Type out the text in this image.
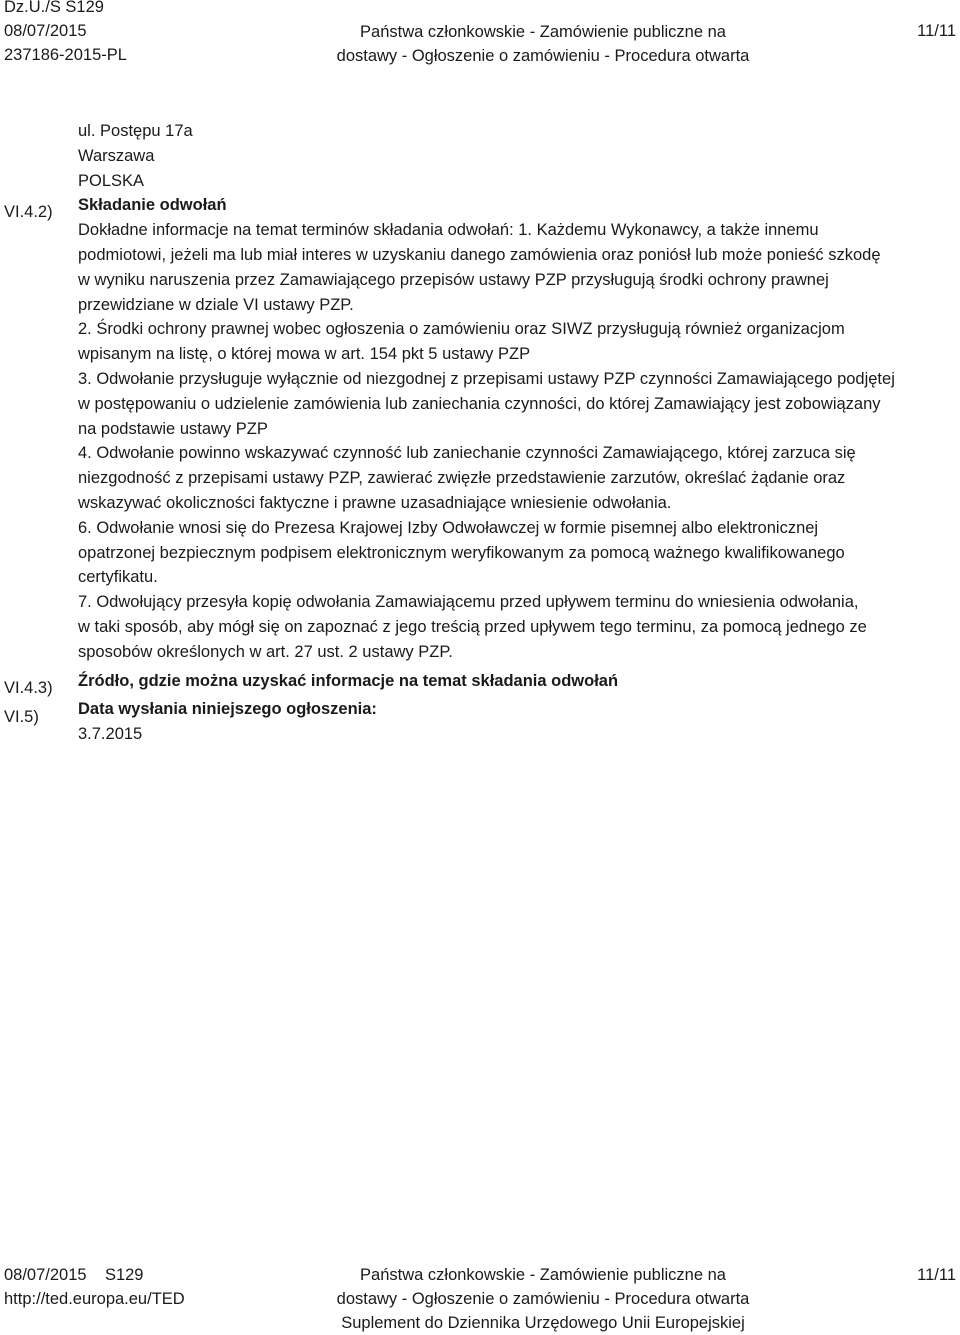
Dz.U./S S129
08/07/2015
237186-2015-PL
Państwa członkowskie - Zamówienie publiczne na
dostawy - Ogłoszenie o zamówieniu - Procedura otwarta
11/11
VI.4.2)
VI.4.3)
VI.5)
ul. Postępu 17a
Warszawa
POLSKA
Składanie odwołań
Dokładne informacje na temat terminów składania odwołań: 1. Każdemu Wykonawcy, a także innemu
podmiotowi, jeżeli ma lub miał interes w uzyskaniu danego zamówienia oraz poniósł lub może ponieść szkodę
w wyniku naruszenia przez Zamawiającego przepisów ustawy PZP przysługują środki ochrony prawnej
przewidziane w dziale VI ustawy PZP.
2. Środki ochrony prawnej wobec ogłoszenia o zamówieniu oraz SIWZ przysługują również organizacjom
wpisanym na listę, o której mowa w art. 154 pkt 5 ustawy PZP
3. Odwołanie przysługuje wyłącznie od niezgodnej z przepisami ustawy PZP czynności Zamawiającego podjętej
w postępowaniu o udzielenie zamówienia lub zaniechania czynności, do której Zamawiający jest zobowiązany
na podstawie ustawy PZP
4. Odwołanie powinno wskazywać czynność lub zaniechanie czynności Zamawiającego, której zarzuca się
niezgodność z przepisami ustawy PZP, zawierać zwięzłe przedstawienie zarzutów, określać żądanie oraz
wskazywać okoliczności faktyczne i prawne uzasadniające wniesienie odwołania.
6. Odwołanie wnosi się do Prezesa Krajowej Izby Odwoławczej w formie pisemnej albo elektronicznej
opatrzonej bezpiecznym podpisem elektronicznym weryfikowanym za pomocą ważnego kwalifikowanego
certyfikatu.
7. Odwołujący przesyła kopię odwołania Zamawiającemu przed upływem terminu do wniesienia odwołania,
w taki sposób, aby mógł się on zapoznać z jego treścią przed upływem tego terminu, za pomocą jednego ze
sposobów określonych w art. 27 ust. 2 ustawy PZP.
Źródło, gdzie można uzyskać informacje na temat składania odwołań
Data wysłania niniejszego ogłoszenia:
3.7.2015
08/07/2015 S129
http://ted.europa.eu/TED
Państwa członkowskie - Zamówienie publiczne na
dostawy - Ogłoszenie o zamówieniu - Procedura otwarta
Suplement do Dziennika Urzędowego Unii Europejskiej
11/11
